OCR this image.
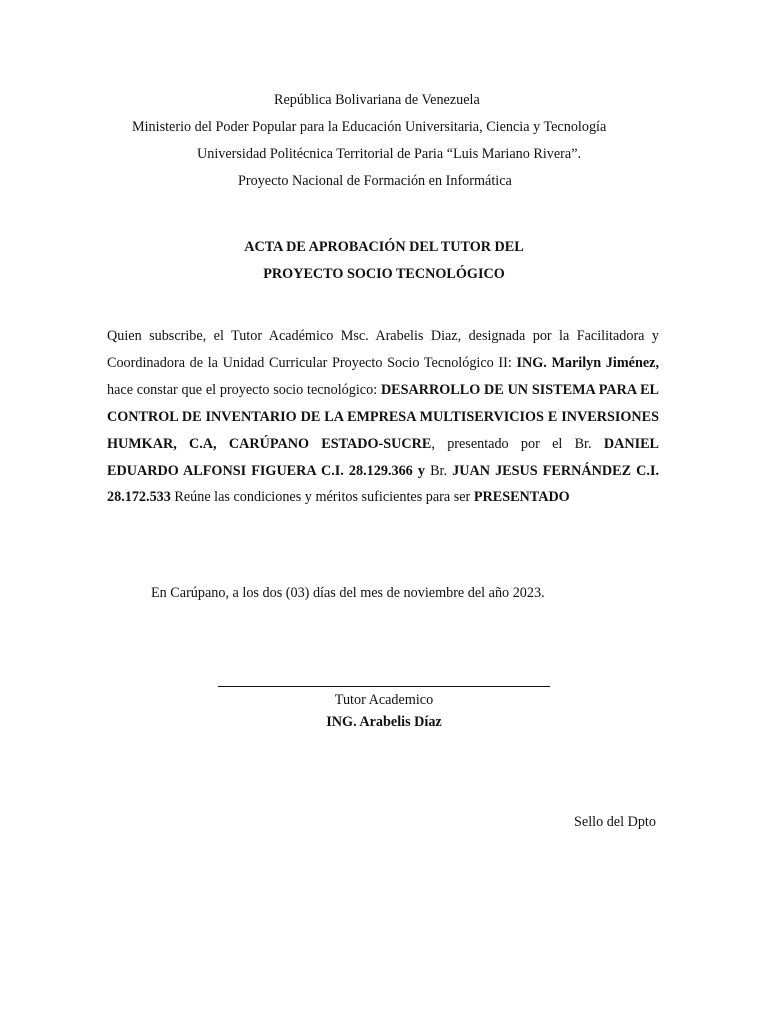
República Bolivariana de Venezuela
Ministerio del Poder Popular para la Educación Universitaria, Ciencia y Tecnología
Universidad Politécnica Territorial de Paria “Luis Mariano Rivera”.
Proyecto Nacional de Formación en Informática
ACTA DE APROBACIÓN DEL TUTOR DEL
PROYECTO SOCIO TECNOLÓGICO

Quien subscribe, el Tutor Académico Msc. Arabelis Diaz, designada por la Facilitadora y Coordinadora de la Unidad Curricular Proyecto Socio Tecnológico II: ING. Marilyn Jiménez, hace constar que el proyecto socio tecnológico: DESARROLLO DE UN SISTEMA PARA EL CONTROL DE INVENTARIO DE LA EMPRESA MULTISERVICIOS E INVERSIONES HUMKAR, C.A, CARÚPANO ESTADO-SUCRE, presentado por el Br. DANIEL EDUARDO ALFONSI FIGUERA C.I. 28.129.366 y Br. JUAN JESUS FERNÁNDEZ C.I. 28.172.533 Reúne las condiciones y méritos suficientes para ser PRESENTADO

En Carúpano, a los dos (03) días del mes de noviembre del año 2023.
Tutor Academico
ING. Arabelis Díaz
Sello del Dpto
